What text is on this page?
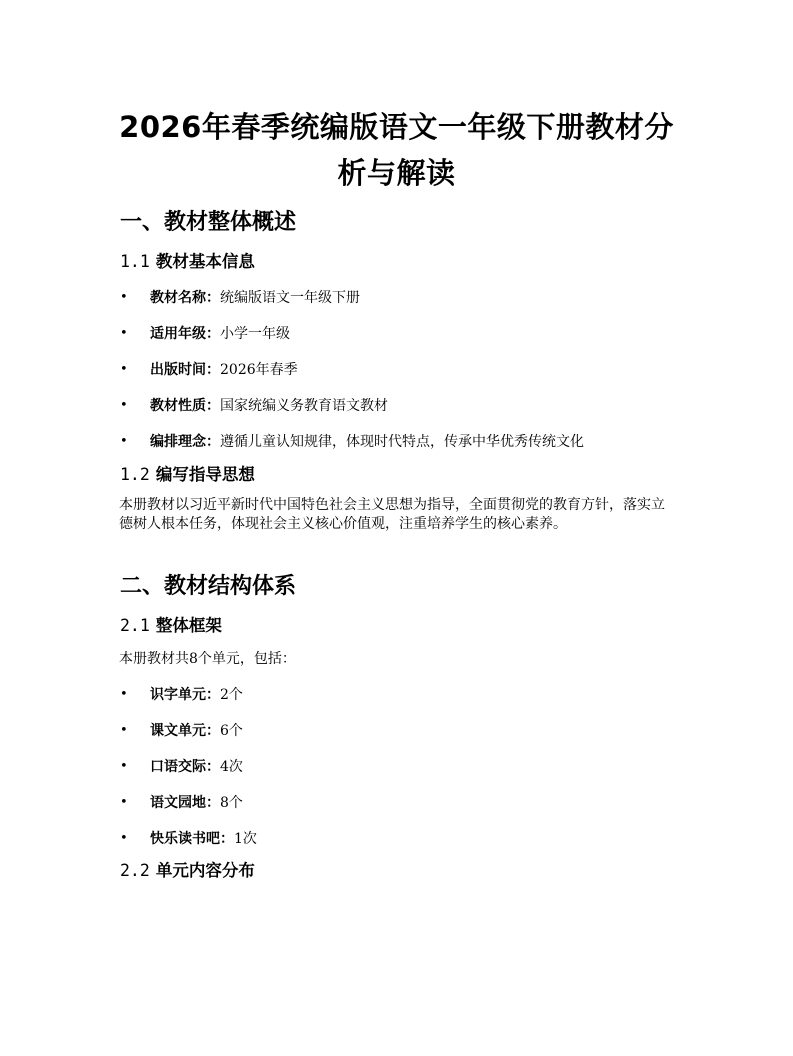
2026年春季统编版语文一年级下册教材分析与解读
一、教材整体概述
1.1 教材基本信息
• 教材名称：统编版语文一年级下册
• 适用年级：小学一年级
• 出版时间：2026年春季
• 教材性质：国家统编义务教育语文教材
• 编排理念：遵循儿童认知规律，体现时代特点，传承中华优秀传统文化
1.2 编写指导思想

本册教材以习近平新时代中国特色社会主义思想为指导，全面贯彻党的教育方针，落实立德树人根本任务，体现社会主义核心价值观，注重培养学生的核心素养。

二、教材结构体系
2.1 整体框架

本册教材共8个单元，包括：

• 识字单元：2个
• 课文单元：6个
• 口语交际：4次
• 语文园地：8个
• 快乐读书吧：1次
2.2 单元内容分布
